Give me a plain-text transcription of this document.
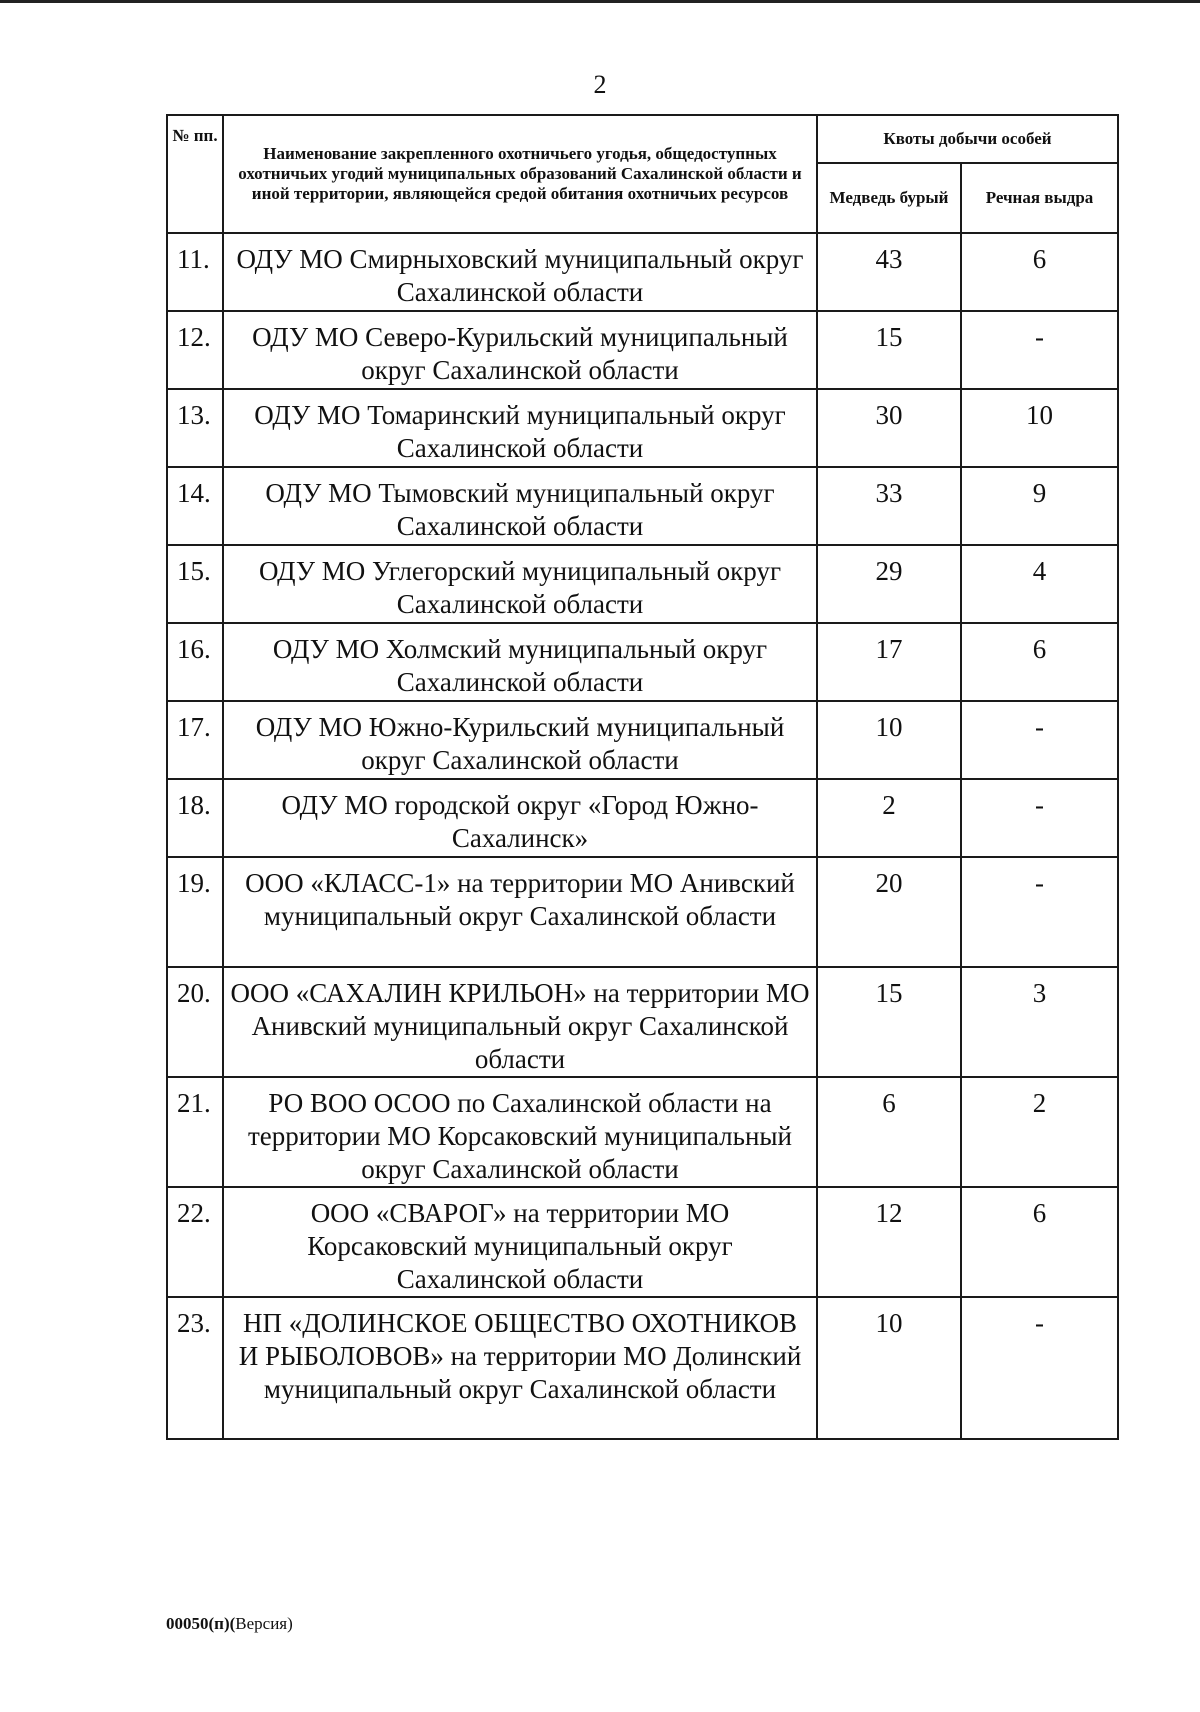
2
№ пп.	Наименование закрепленного охотничьего угодья, общедоступных охотничьих угодий муниципальных образований Сахалинской области и иной территории, являющейся средой обитания охотничьих ресурсов	Квоты добычи особей	
		Медведь бурый	Речная выдра
11.	ОДУ МО Смирныховский муниципальный округ Сахалинской области	43	6
12.	ОДУ МО Северо-Курильский муниципальный округ Сахалинской области	15	-
13.	ОДУ МО Томаринский муниципальный округ Сахалинской области	30	10
14.	ОДУ МО Тымовский муниципальный округ Сахалинской области	33	9
15.	ОДУ МО Углегорский муниципальный округ Сахалинской области	29	4
16.	ОДУ МО Холмский муниципальный округ Сахалинской области	17	6
17.	ОДУ МО Южно-Курильский муниципальный округ Сахалинской области	10	-
18.	ОДУ МО городской округ «Город Южно-Сахалинск»	2	-
19.	ООО «КЛАСС-1» на территории МО Анивский муниципальный округ Сахалинской области	20	-
20.	ООО «САХАЛИН КРИЛЬОН» на территории МО Анивский муниципальный округ Сахалинской области	15	3
21.	РО ВОО ОСОО по Сахалинской области на территории МО Корсаковский муниципальный округ Сахалинской области	6	2
22.	ООО «СВАРОГ» на территории МО Корсаковский муниципальный округ Сахалинской области	12	6
23.	НП «ДОЛИНСКОЕ ОБЩЕСТВО ОХОТНИКОВ И РЫБОЛОВОВ» на территории МО Долинский муниципальный округ Сахалинской области	10	-
00050(п)(Версия)
